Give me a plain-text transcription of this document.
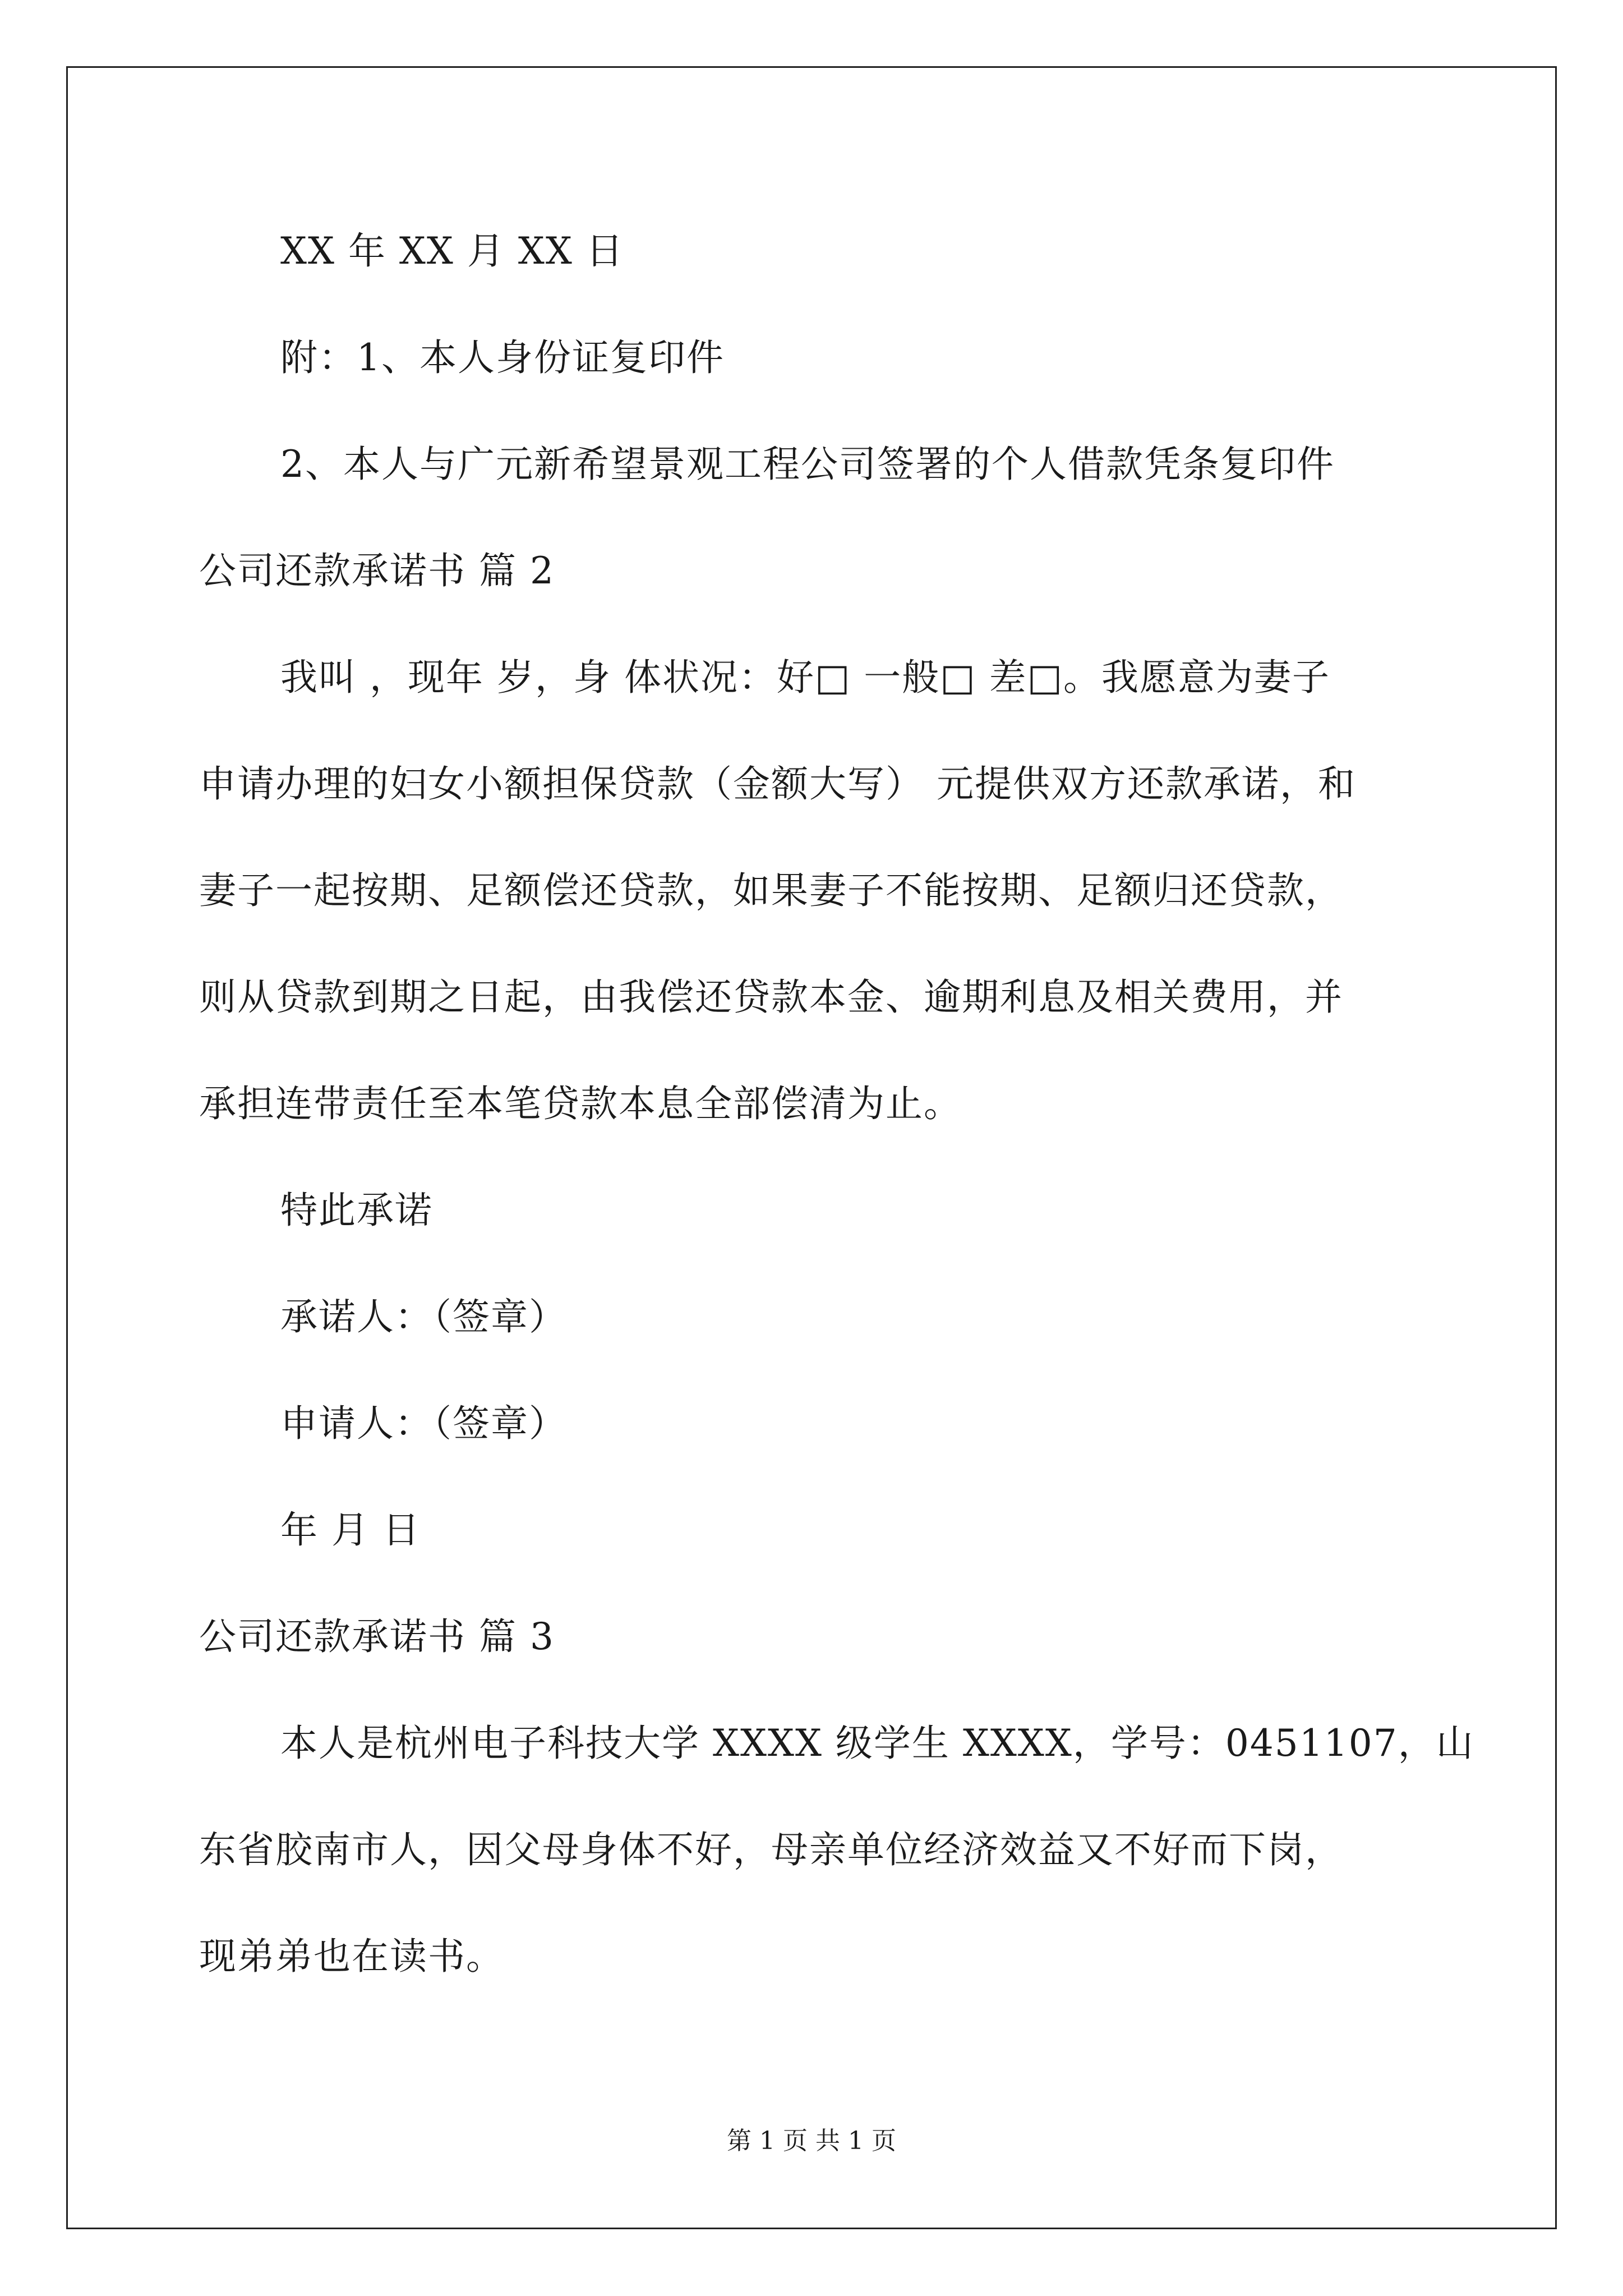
XX 年 XX 月 XX 日
附：1、本人身份证复印件
2、本人与广元新希望景观工程公司签署的个人借款凭条复印件
公司还款承诺书 篇 2
我叫 ，现年 岁，身 体状况：好□ 一般□ 差□。我愿意为妻子
申请办理的妇女小额担保贷款（金额大写） 元提供双方还款承诺，和
妻子一起按期、足额偿还贷款，如果妻子不能按期、足额归还贷款，
则从贷款到期之日起，由我偿还贷款本金、逾期利息及相关费用，并
承担连带责任至本笔贷款本息全部偿清为止。
特此承诺
承诺人：（签章）
申请人：（签章）
年 月 日
公司还款承诺书 篇 3
本人是杭州电子科技大学 XXXX 级学生 XXXX，学号：0451107，山
东省胶南市人，因父母身体不好，母亲单位经济效益又不好而下岗，
现弟弟也在读书。
第 1 页 共 1 页
